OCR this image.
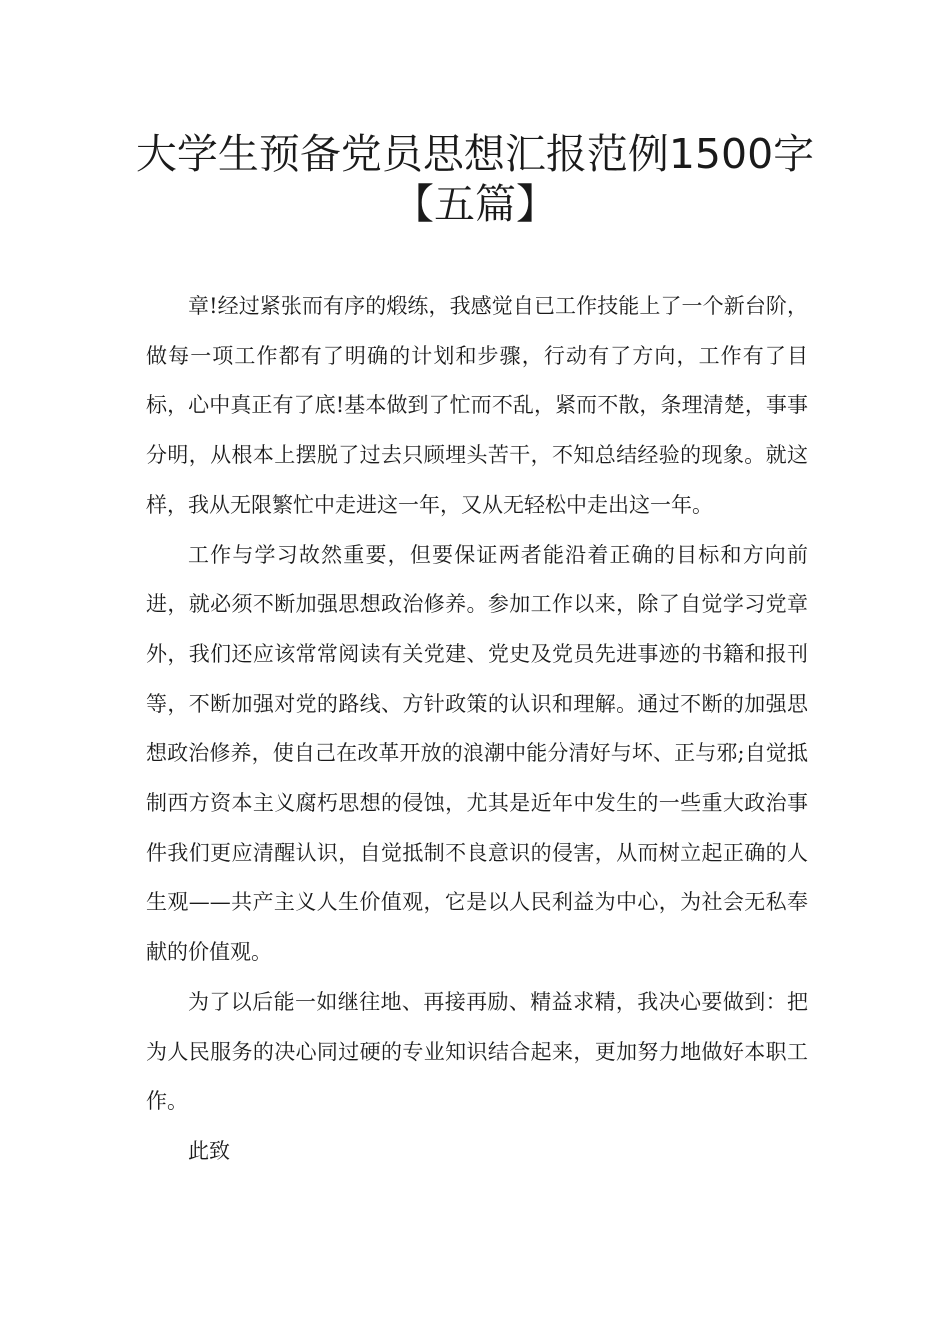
大学生预备党员思想汇报范例1500字
【五篇】

章!经过紧张而有序的煅练，我感觉自已工作技能上了一个新台阶，做每一项工作都有了明确的计划和步骤，行动有了方向，工作有了目标，心中真正有了底!基本做到了忙而不乱，紧而不散，条理清楚，事事分明，从根本上摆脱了过去只顾埋头苦干，不知总结经验的现象。就这样，我从无限繁忙中走进这一年，又从无轻松中走出这一年。

工作与学习故然重要，但要保证两者能沿着正确的目标和方向前进，就必须不断加强思想政治修养。参加工作以来，除了自觉学习党章外，我们还应该常常阅读有关党建、党史及党员先进事迹的书籍和报刊等，不断加强对党的路线、方针政策的认识和理解。通过不断的加强思想政治修养，使自己在改革开放的浪潮中能分清好与坏、正与邪;自觉抵制西方资本主义腐朽思想的侵蚀，尤其是近年中发生的一些重大政治事件我们更应清醒认识，自觉抵制不良意识的侵害，从而树立起正确的人生观——共产主义人生价值观，它是以人民利益为中心，为社会无私奉献的价值观。

为了以后能一如继往地、再接再励、精益求精，我决心要做到：把为人民服务的决心同过硬的专业知识结合起来，更加努力地做好本职工作。

此致
